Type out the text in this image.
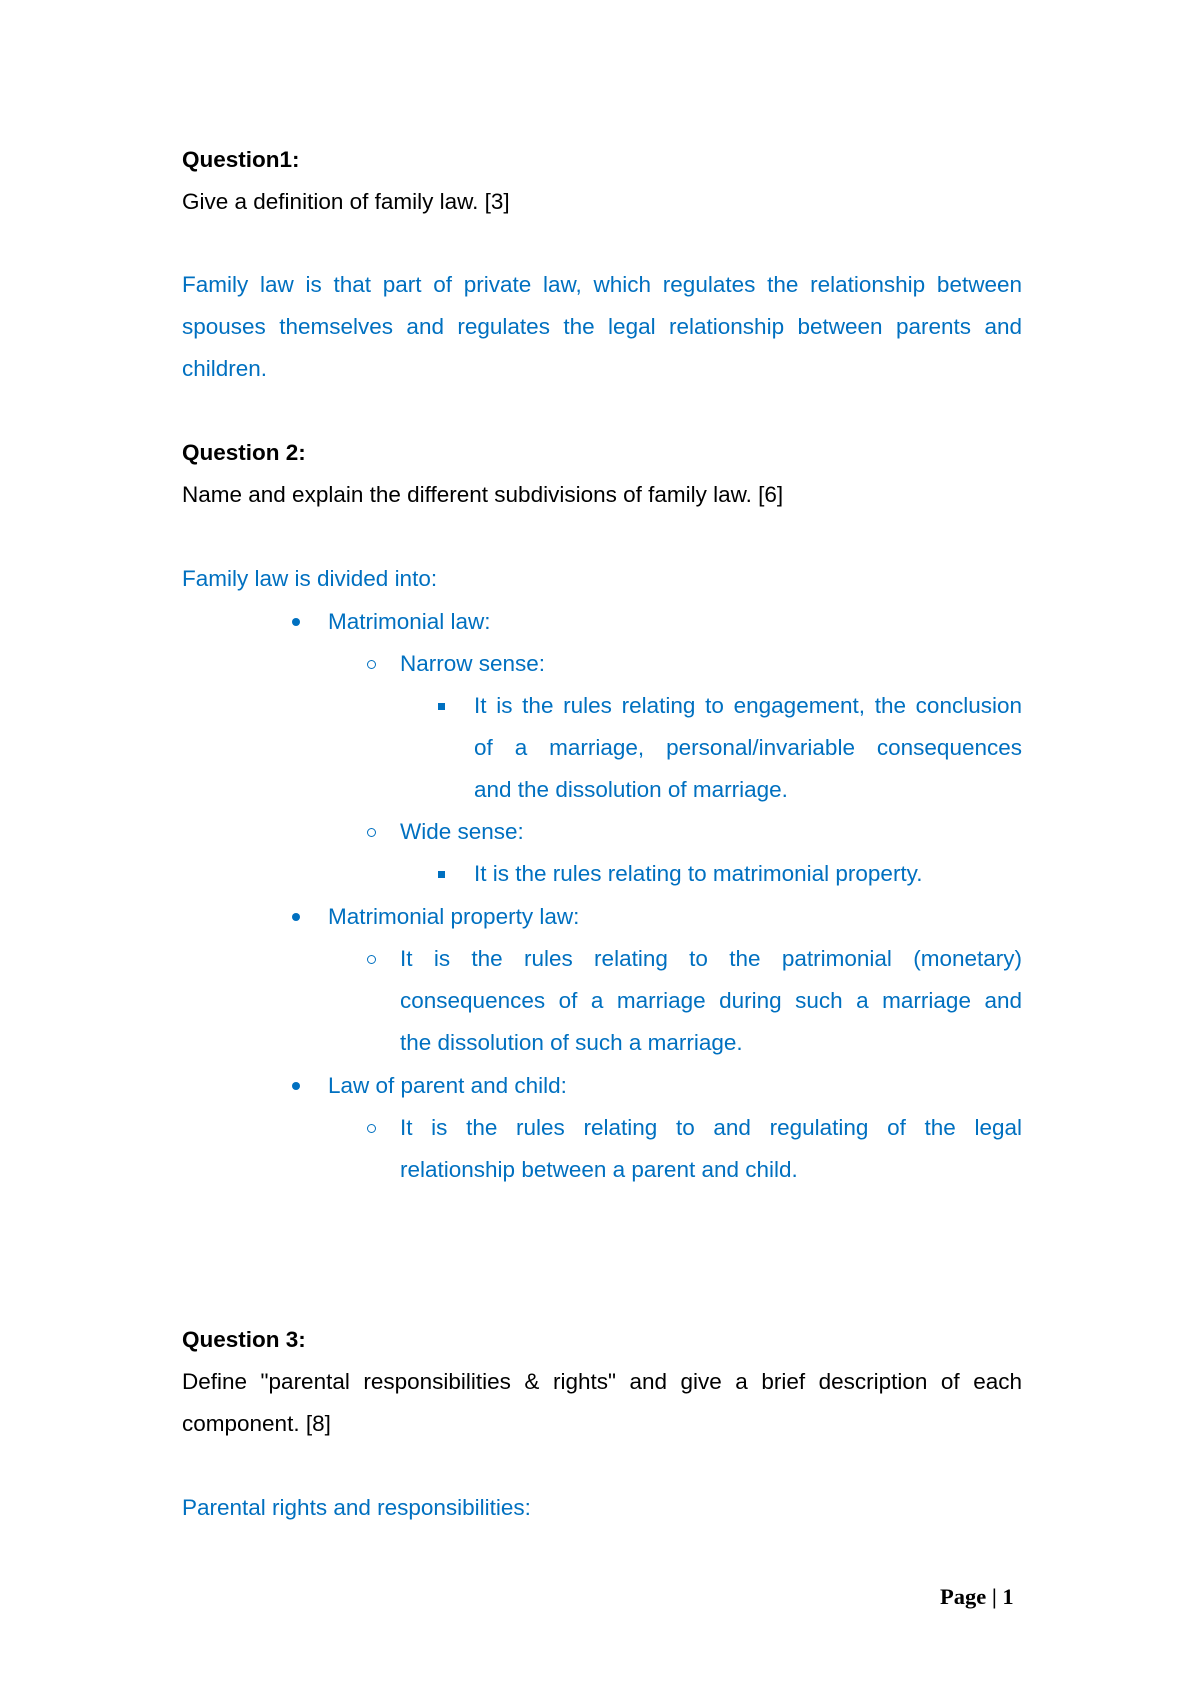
Question1:
Give a definition of family law. [3]
Family law is that part of private law, which regulates the relationship between
spouses themselves and regulates the legal relationship between parents and
children.
Question 2:
Name and explain the different subdivisions of family law. [6]
Family law is divided into:
Matrimonial law:
Narrow sense:
It is the rules relating to engagement, the conclusion
of a marriage, personal/invariable consequences
and the dissolution of marriage.
Wide sense:
It is the rules relating to matrimonial property.
Matrimonial property law:
It is the rules relating to the patrimonial (monetary)
consequences of a marriage during such a marriage and
the dissolution of such a marriage.
Law of parent and child:
It is the rules relating to and regulating of the legal
relationship between a parent and child.
Question 3:
Define "parental responsibilities & rights" and give a brief description of each
component. [8]
Parental rights and responsibilities:
Page | 1
